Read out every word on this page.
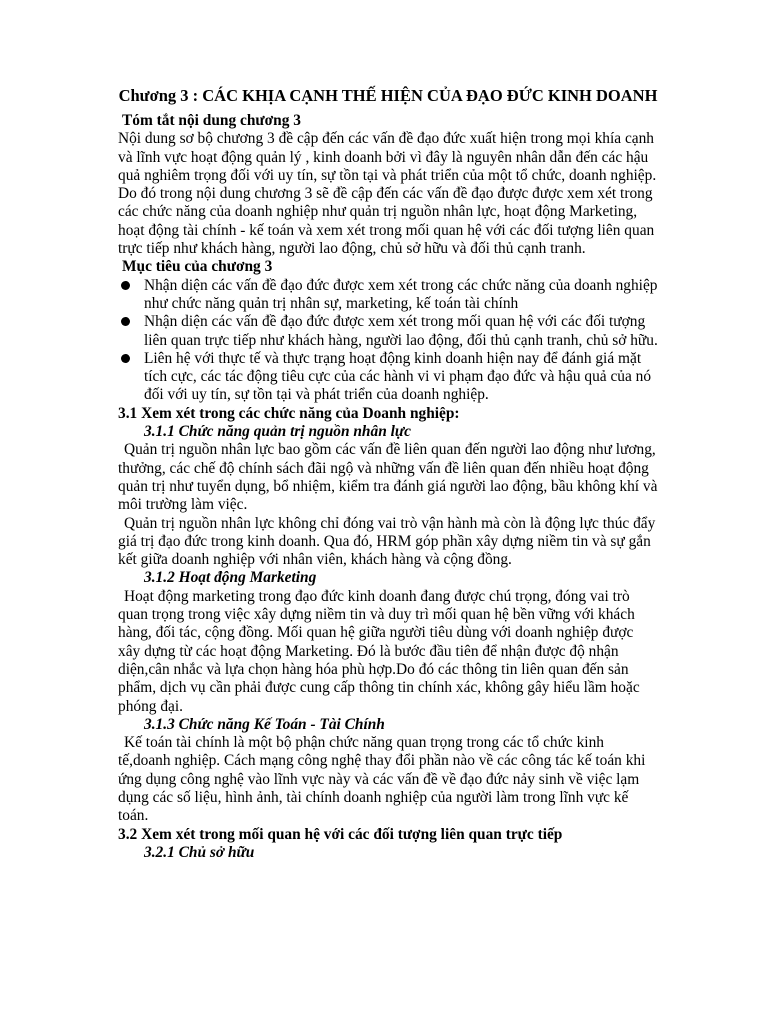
Chương 3 : CÁC KHỊA CẠNH THẾ HIỆN CỦA ĐẠO ĐỨC KINH DOANH
Tóm tắt nội dung chương 3

Nội dung sơ bộ chương 3 đề cập đến các vấn đề đạo đức xuất hiện trong mọi khía cạnh và lĩnh vực hoạt động quản lý , kinh doanh bởi vì đây là nguyên nhân dẫn đến các hậu quả nghiêm trọng đối với uy tín, sự tồn tại và phát triển của một tổ chức, doanh nghiệp. Do đó trong nội dung chương 3 sẽ đề cập đến các vấn đề đạo được được xem xét trong các chức năng của doanh nghiệp như quản trị nguồn nhân lực, hoạt động Marketing, hoạt động tài chính - kế toán và xem xét trong mối quan hệ với các đối tượng liên quan trực tiếp như khách hàng, người lao động, chủ sở hữu và đối thủ cạnh tranh.

Mục tiêu của chương 3
Nhận diện các vấn đề đạo đức được xem xét trong các chức năng của doanh nghiệp như chức năng quản trị nhân sự, marketing, kế toán tài chính
Nhận diện các vấn đề đạo đức được xem xét trong mối quan hệ với các đối tượng liên quan trực tiếp như khách hàng, người lao động, đối thủ cạnh tranh, chủ sở hữu.
Liên hệ với thực tế và thực trạng hoạt động kinh doanh hiện nay để đánh giá mặt tích cực, các tác động tiêu cực của các hành vi vi phạm đạo đức và hậu quả của nó đối với uy tín, sự tồn tại và phát triển của doanh nghiệp.
3.1 Xem xét trong các chức năng của Doanh nghiệp:
3.1.1 Chức năng quản trị nguồn nhân lực

Quản trị nguồn nhân lực bao gồm các vấn đề liên quan đến người lao động như lương, thưởng, các chế độ chính sách đãi ngộ và những vấn đề liên quan đến nhiều hoạt động quản trị như tuyển dụng, bổ nhiệm, kiểm tra đánh giá người lao động, bầu không khí và môi trường làm việc.

Quản trị nguồn nhân lực không chỉ đóng vai trò vận hành mà còn là động lực thúc đẩy giá trị đạo đức trong kinh doanh. Qua đó, HRM góp phần xây dựng niềm tin và sự gắn kết giữa doanh nghiệp với nhân viên, khách hàng và cộng đồng.

3.1.2 Hoạt động Marketing

Hoạt động marketing trong đạo đức kinh doanh đang được chú trọng, đóng vai trò quan trọng trong việc xây dựng niềm tin và duy trì mối quan hệ bền vững với khách hàng, đối tác, cộng đồng. Mối quan hệ giữa người tiêu dùng với doanh nghiệp được xây dựng từ các hoạt động Marketing. Đó là bước đầu tiên để nhận được độ nhận diện,cân nhắc và lựa chọn hàng hóa phù hợp.Do đó các thông tin liên quan đến sản phẩm, dịch vụ cần phải được cung cấp thông tin chính xác, không gây hiểu lầm hoặc phóng đại.

3.1.3 Chức năng Kế Toán - Tài Chính

Kế toán tài chính là một bộ phận chức năng quan trọng trong các tổ chức kinh tế,doanh nghiệp. Cách mạng công nghệ thay đổi phần nào về các công tác kế toán khi ứng dụng công nghệ vào lĩnh vực này và các vấn đề về đạo đức nảy sinh về việc lạm dụng các số liệu, hình ảnh, tài chính doanh nghiệp của người làm trong lĩnh vực kế toán.

3.2 Xem xét trong mối quan hệ với các đối tượng liên quan trực tiếp
3.2.1 Chủ sở hữu
